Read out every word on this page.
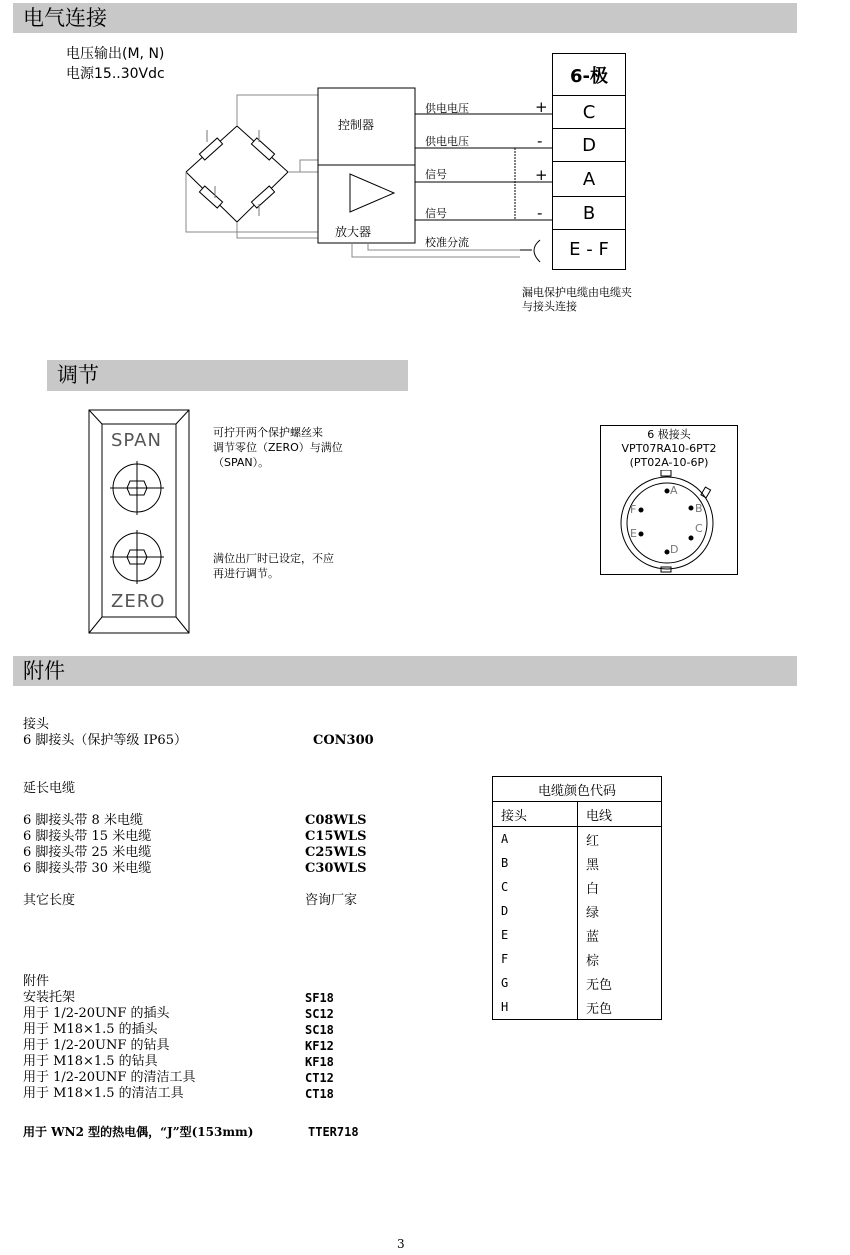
电气连接
调节
附件
电压输出(M, N)
电源15..30Vdc
控制器
放大器
供电电压
供电电压
信号
信号
校准分流
+
-
+
-
6-极
C
D
A
B
E - F
漏电保护电缆由电缆夹
与接头连接
SPAN
ZERO
可拧开两个保护螺丝来
调节零位（ZERO）与满位
（SPAN）。
满位出厂时已设定，不应
再进行调节。
6 极接头
VPT07RA10-6PT2
(PT02A-10-6P)
A
B
C
D
E
F
接头
6 脚接头（保护等级 IP65）	CON300
延长电缆
6 脚接头带 8 米电缆	C08WLS
6 脚接头带 15 米电缆	C15WLS
6 脚接头带 25 米电缆	C25WLS
6 脚接头带 30 米电缆	C30WLS
其它长度	咨询厂家
附件
安装托架	SF18
用于 1/2-20UNF 的插头	SC12
用于 M18×1.5 的插头	SC18
用于 1/2-20UNF 的钻具	KF12
用于 M18×1.5 的钻具	KF18
用于 1/2-20UNF 的清洁工具	CT12
用于 M18×1.5 的清洁工具	CT18
用于 WN2 型的热电偶，“J”型(153mm)	TTER718
电缆颜色代码	
接头	电线
A	红
B	黑
C	白
D	绿
E	蓝
F	棕
G	无色
H	无色
3
